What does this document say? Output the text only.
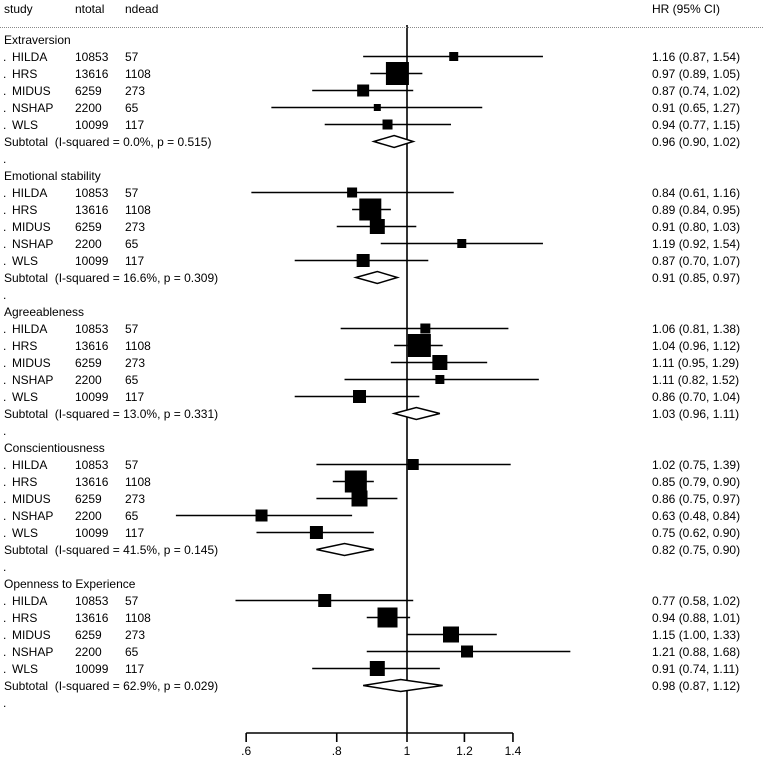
study	ntotal ndead	HR (95% CI)
Extraversion
. HILDA 10853 57	1.16 (0.87, 1.54)
. HRS	13616 1108	0.97 (0.89, 1.05)
. MIDUS 6259 273	0.87 (0.74, 1.02)
. NSHAP 2200 65	0.91 (0.65, 1.27)
. WLS	10099 117	0.94 (0.77, 1.15)
Subtotal  (I-squared = 0.0%, p = 0.515)	0.96 (0.90, 1.02)
.
Emotional stability
. HILDA 10853 57	0.84 (0.61, 1.16)
. HRS	13616 1108	0.89 (0.84, 0.95)
. MIDUS 6259 273	0.91 (0.80, 1.03)
. NSHAP 2200 65	1.19 (0.92, 1.54)
. WLS	10099 117	0.87 (0.70, 1.07)
Subtotal  (I-squared = 16.6%, p = 0.309)	0.91 (0.85, 0.97)
.
Agreeableness
. HILDA 10853 57	1.06 (0.81, 1.38)
. HRS	13616 1108	1.04 (0.96, 1.12)
. MIDUS 6259 273	1.11 (0.95, 1.29)
. NSHAP 2200 65	1.11 (0.82, 1.52)
. WLS	10099 117	0.86 (0.70, 1.04)
Subtotal  (I-squared = 13.0%, p = 0.331)	1.03 (0.96, 1.11)
.
Conscientiousness
. HILDA 10853 57	1.02 (0.75, 1.39)
. HRS	13616 1108	0.85 (0.79, 0.90)
. MIDUS 6259 273	0.86 (0.75, 0.97)
. NSHAP 2200 65	0.63 (0.48, 0.84)
. WLS	10099 117	0.75 (0.62, 0.90)
Subtotal  (I-squared = 41.5%, p = 0.145)	0.82 (0.75, 0.90)
.
Openness to Experience
. HILDA 10853 57	0.77 (0.58, 1.02)
. HRS	13616 1108	0.94 (0.88, 1.01)
. MIDUS 6259 273	1.15 (1.00, 1.33)
. NSHAP 2200 65	1.21 (0.88, 1.68)
. WLS	10099 117	0.91 (0.74, 1.11)
Subtotal  (I-squared = 62.9%, p = 0.029)	0.98 (0.87, 1.12)
.
.6	.8	1	1.2	1.4
